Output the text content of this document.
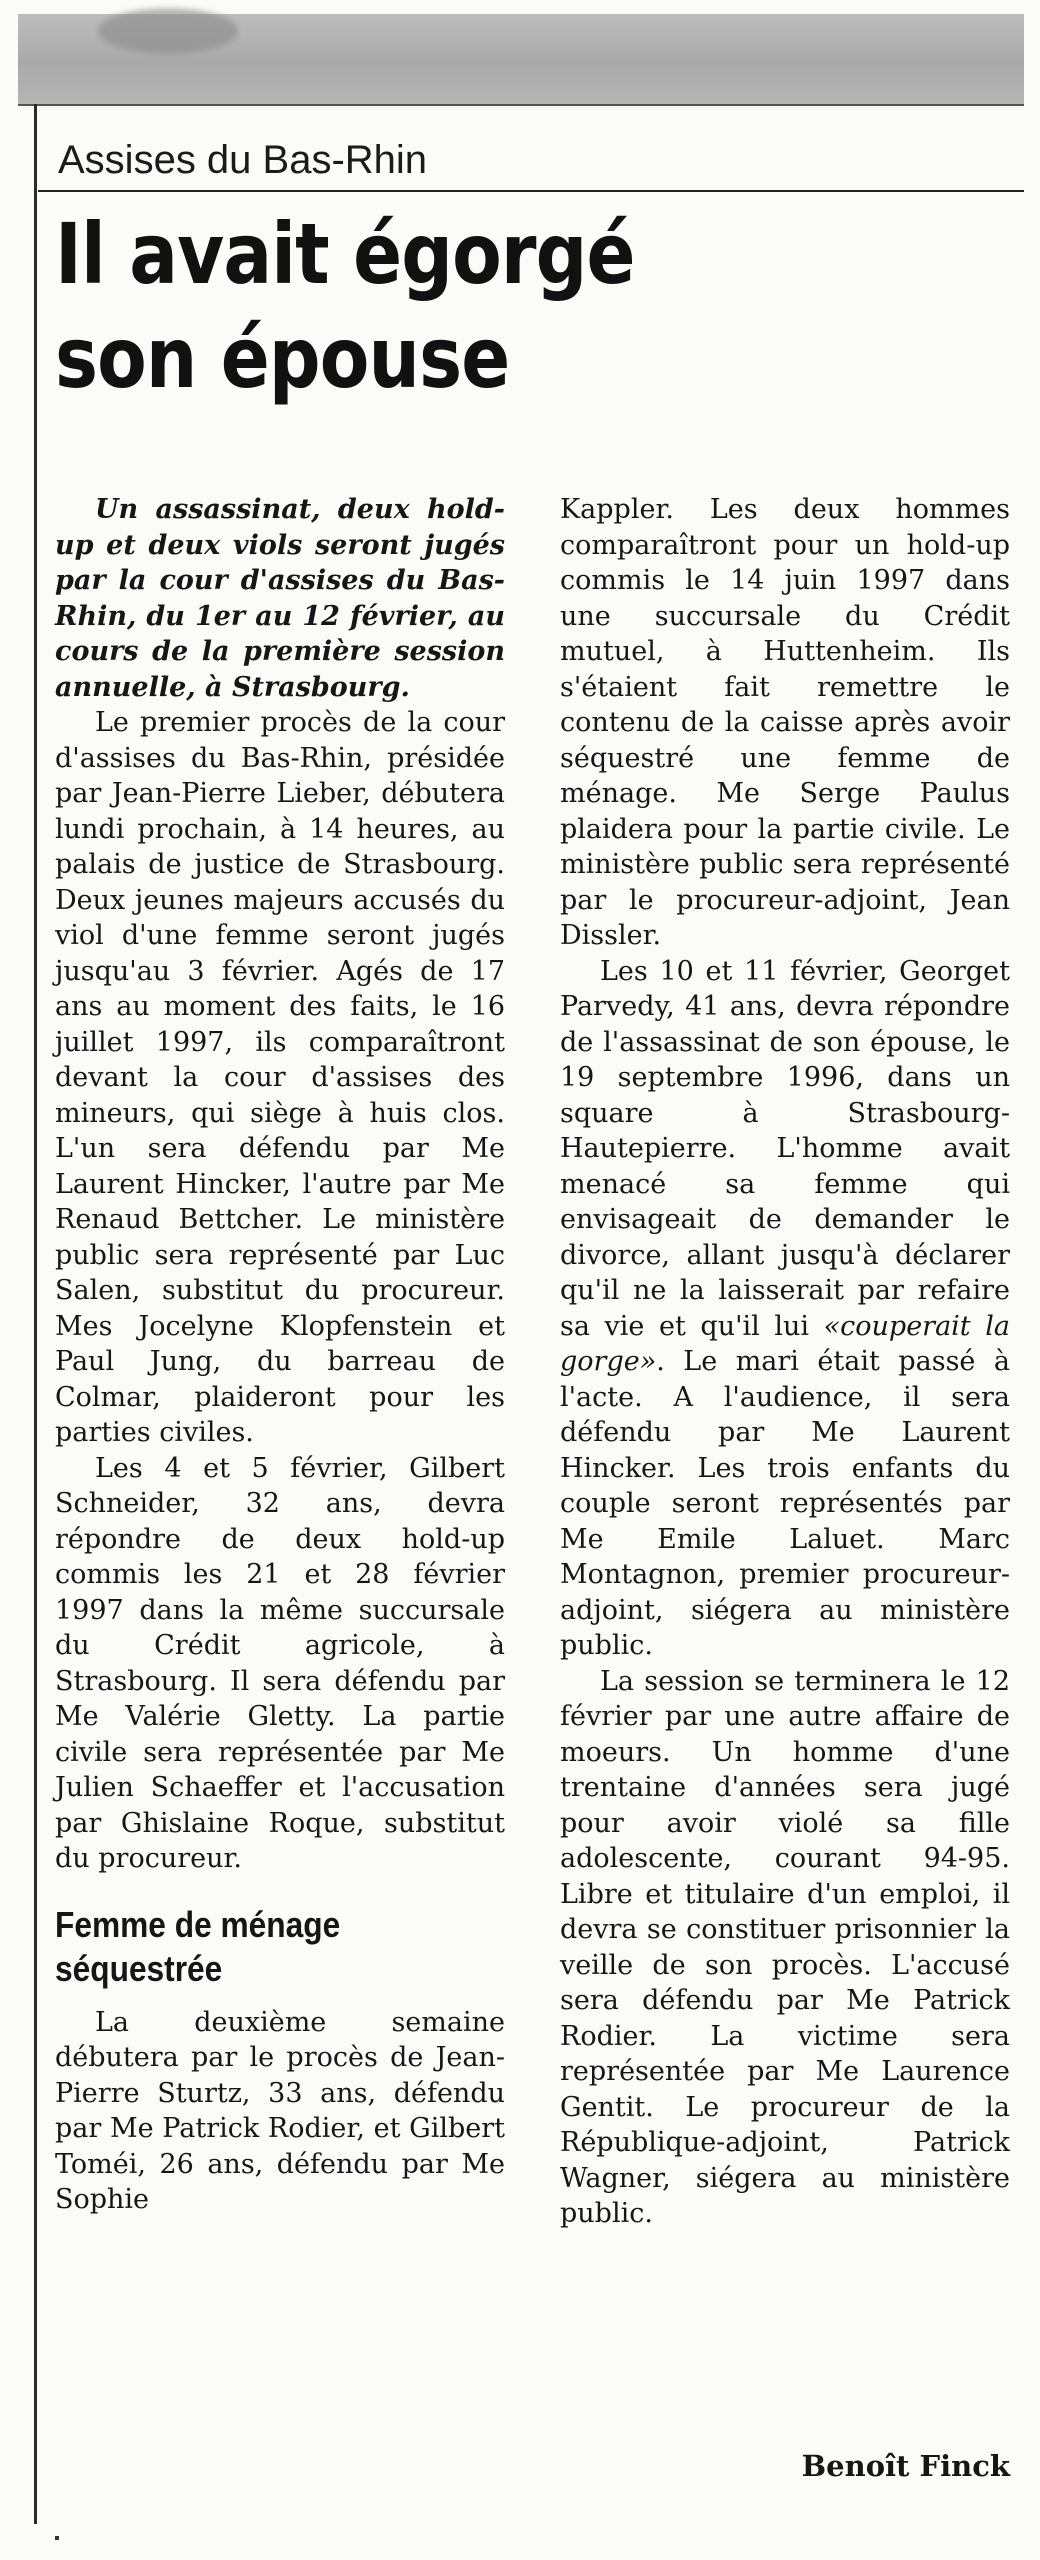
Assises du Bas-Rhin
Il avait égorgé
son épouse

Un assassinat, deux hold-up et deux viols seront jugés par la cour d'assises du Bas-Rhin, du 1er au 12 février, au cours de la première session annuelle, à Strasbourg.

Le premier procès de la cour d'assises du Bas-Rhin, présidée par Jean-Pierre Lieber, débutera lundi prochain, à 14 heures, au palais de justice de Strasbourg. Deux jeunes majeurs accusés du viol d'une femme seront jugés jusqu'au 3 février. Agés de 17 ans au moment des faits, le 16 juillet 1997, ils comparaîtront devant la cour d'assises des mineurs, qui siège à huis clos. L'un sera défendu par Me Laurent Hincker, l'autre par Me Renaud Bettcher. Le ministère public sera représenté par Luc Salen, substitut du procureur. Mes Jocelyne Klopfenstein et Paul Jung, du barreau de Colmar, plaideront pour les parties civiles.

Les 4 et 5 février, Gilbert Schneider, 32 ans, devra répondre de deux hold-up commis les 21 et 28 février 1997 dans la même succursale du Crédit agricole, à Strasbourg. Il sera défendu par Me Valérie Gletty. La partie civile sera représentée par Me Julien Schaeffer et l'accusation par Ghislaine Roque, substitut du procureur.

Femme de ménage
séquestrée

La deuxième semaine débutera par le procès de Jean-Pierre Sturtz, 33 ans, défendu par Me Patrick Rodier, et Gilbert Toméi, 26 ans, défendu par Me Sophie

Kappler. Les deux hommes comparaîtront pour un hold-up commis le 14 juin 1997 dans une succursale du Crédit mutuel, à Huttenheim. Ils s'étaient fait remettre le contenu de la caisse après avoir séquestré une femme de ménage. Me Serge Paulus plaidera pour la partie civile. Le ministère public sera représenté par le procureur-adjoint, Jean Dissler.

Les 10 et 11 février, Georget Parvedy, 41 ans, devra répondre de l'assassinat de son épouse, le 19 septembre 1996, dans un square à Strasbourg-Hautepierre. L'homme avait menacé sa femme qui envisageait de demander le divorce, allant jusqu'à déclarer qu'il ne la laisserait par refaire sa vie et qu'il lui «couperait la gorge». Le mari était passé à l'acte. A l'audience, il sera défendu par Me Laurent Hincker. Les trois enfants du couple seront représentés par Me Emile Laluet. Marc Montagnon, premier procureur-adjoint, siégera au ministère public.

La session se terminera le 12 février par une autre affaire de moeurs. Un homme d'une trentaine d'années sera jugé pour avoir violé sa fille adolescente, courant 94-95. Libre et titulaire d'un emploi, il devra se constituer prisonnier la veille de son procès. L'accusé sera défendu par Me Patrick Rodier. La victime sera représentée par Me Laurence Gentit. Le procureur de la République-adjoint, Patrick Wagner, siégera au ministère public.

Benoît Finck
